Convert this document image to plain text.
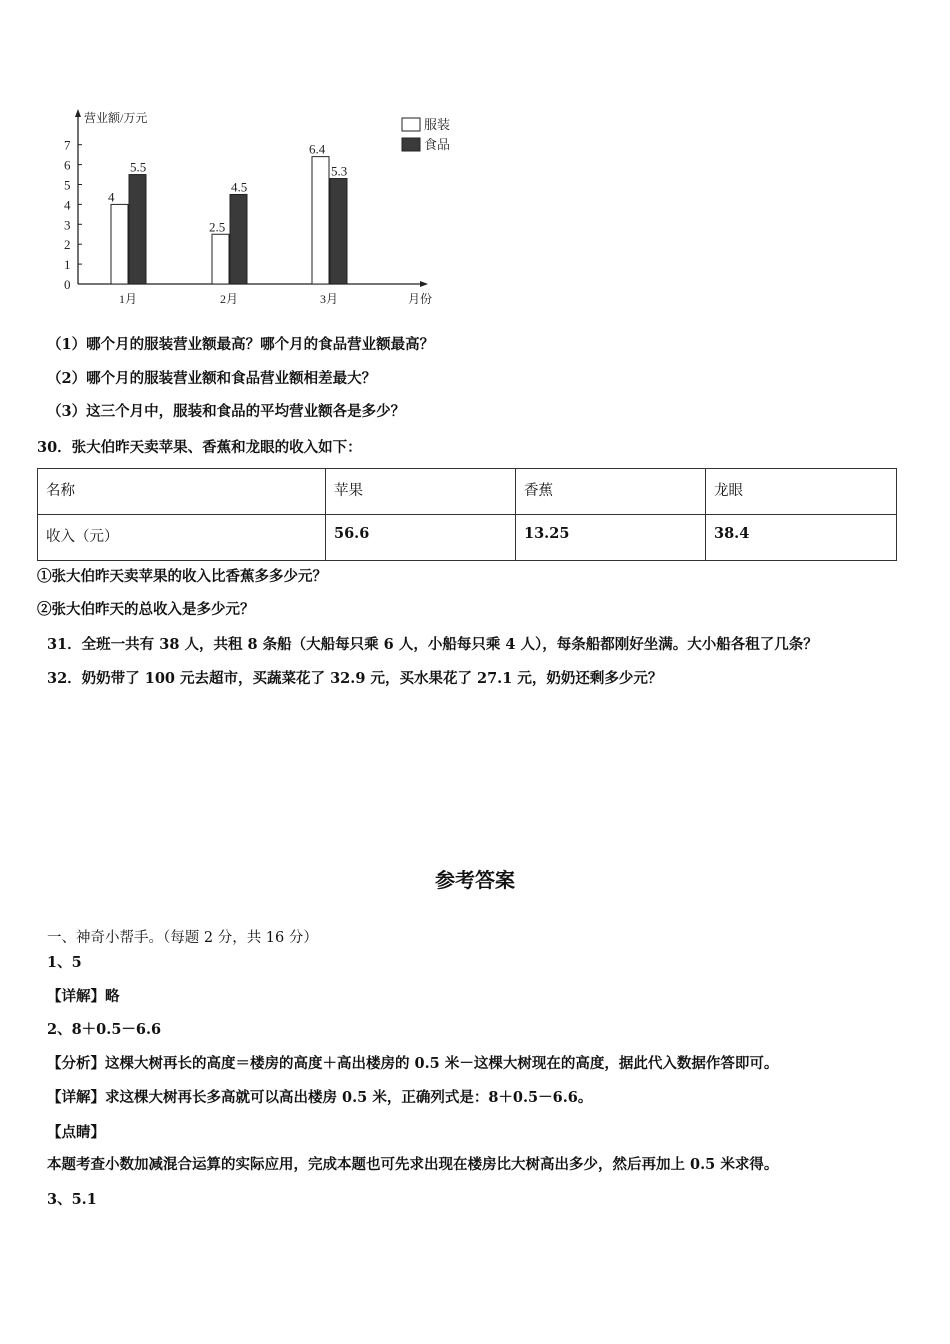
营业额/万元
月份
0
1
2
3
4
5
6
7
1月	2月	3月
4
5.5
2.5
4.5
6.4
5.3
服装
食品
（1）哪个月的服装营业额最高？哪个月的食品营业额最高？
（2）哪个月的服装营业额和食品营业额相差最大？
（3）这三个月中，服装和食品的平均营业额各是多少？
30．张大伯昨天卖苹果、香蕉和龙眼的收入如下：
名称	苹果	香蕉	龙眼
收入（元）	56.6	13.25	38.4
①张大伯昨天卖苹果的收入比香蕉多多少元？
②张大伯昨天的总收入是多少元？
31．全班一共有 38 人，共租 8 条船（大船每只乘 6 人，小船每只乘 4 人），每条船都刚好坐满。大小船各租了几条？
32．奶奶带了 100 元去超市，买蔬菜花了 32.9 元，买水果花了 27.1 元，奶奶还剩多少元？
参考答案
一、神奇小帮手。（每题 2 分，共 16 分）
1、5
【详解】略
2、8＋0.5－6.6
【分析】这棵大树再长的高度＝楼房的高度＋高出楼房的 0.5 米－这棵大树现在的高度，据此代入数据作答即可。
【详解】求这棵大树再长多高就可以高出楼房 0.5 米，正确列式是：8＋0.5－6.6。
【点睛】
本题考查小数加减混合运算的实际应用，完成本题也可先求出现在楼房比大树高出多少，然后再加上 0.5 米求得。
3、5.1
